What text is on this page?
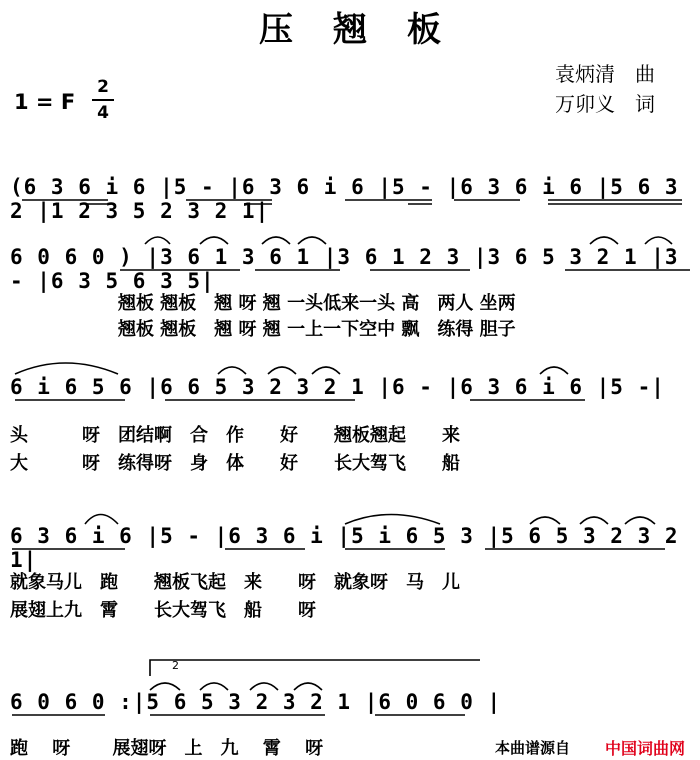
压翘板
袁炳清　曲
万卯义　词
1 = F
2
4
(6 3 6 i 6 |5 - |6 3 6 i 6 |5 - |6 3 6 i 6 |5 6 3 2 |1 2 3 5 2 3 2 1|
6 0 6 0 ) |3 6 1 3 6 1 |3 6 1 2 3 |3 6 5 3 2 1 |3 - |6 3 5 6 3 5|
翘板 翘板　翘 呀 翘 一头低来一头 高　两人 坐两
翘板 翘板　翘 呀 翘 一上一下空中 飘　练得 胆子
6 i 6 5 6 |6 6 5 3 2 3 2 1 |6 - |6 3 6 i 6 |5 -|
头　　　呀　团结啊　合　作　　好　　翘板翘起　　来
大　　　呀　练得呀　身　体　　好　　长大驾飞　　船
6 3 6 i 6 |5 - |6 3 6 i |5 i 6 5 3 |5 6 5 3 2 3 2 1|
就象马儿　跑　　翘板飞起　来　　呀　就象呀　马　儿
展翅上九　霄　　长大驾飞　船　　呀
2
6 0 6 0 :|5 6 5 3 2 3 2 1 |6 0 6 0 |
跑　 呀　　 展翅呀　上　九　 霄　 呀	本曲谱源自 中国词曲网
